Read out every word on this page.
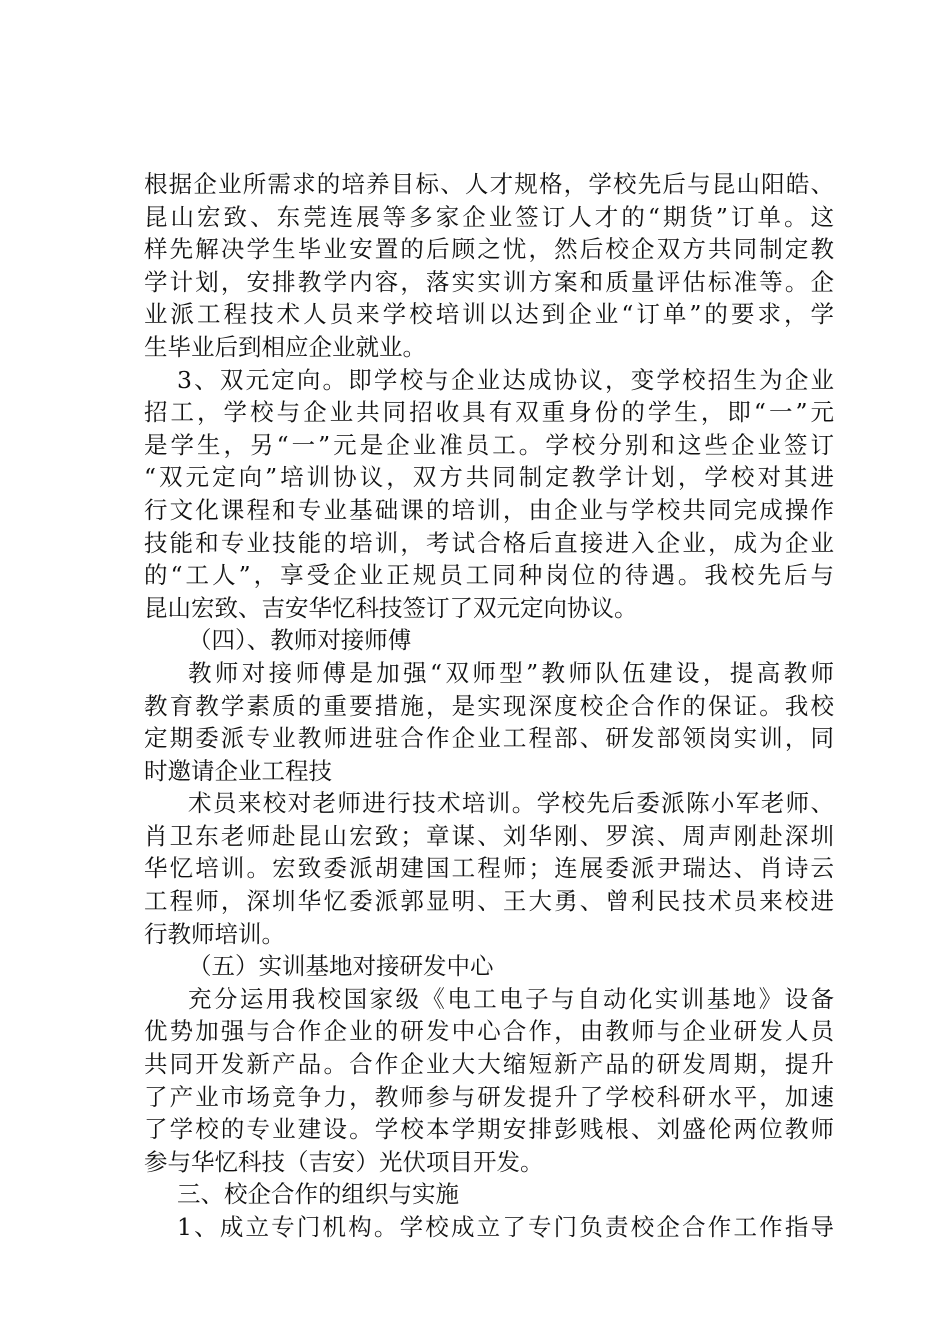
根据企业所需求的培养目标、人才规格，学校先后与昆山阳皓、
昆山宏致、东莞连展等多家企业签订人才的“期货”订单。这
样先解决学生毕业安置的后顾之忧，然后校企双方共同制定教
学计划，安排教学内容，落实实训方案和质量评估标准等。企
业派工程技术人员来学校培训以达到企业“订单”的要求，学
生毕业后到相应企业就业。
3、双元定向。即学校与企业达成协议，变学校招生为企业
招工，学校与企业共同招收具有双重身份的学生，即“一”元
是学生，另“一”元是企业准员工。学校分别和这些企业签订
“双元定向”培训协议，双方共同制定教学计划，学校对其进
行文化课程和专业基础课的培训，由企业与学校共同完成操作
技能和专业技能的培训，考试合格后直接进入企业，成为企业
的“工人”，享受企业正规员工同种岗位的待遇。我校先后与
昆山宏致、吉安华忆科技签订了双元定向协议。
（四）、教师对接师傅
教师对接师傅是加强“双师型”教师队伍建设，提高教师
教育教学素质的重要措施，是实现深度校企合作的保证。我校
定期委派专业教师进驻合作企业工程部、研发部领岗实训，同
时邀请企业工程技
术员来校对老师进行技术培训。学校先后委派陈小军老师、
肖卫东老师赴昆山宏致；章谋、刘华刚、罗滨、周声刚赴深圳
华忆培训。宏致委派胡建国工程师；连展委派尹瑞达、肖诗云
工程师，深圳华忆委派郭显明、王大勇、曾利民技术员来校进
行教师培训。
（五）实训基地对接研发中心
充分运用我校国家级《电工电子与自动化实训基地》设备
优势加强与合作企业的研发中心合作，由教师与企业研发人员
共同开发新产品。合作企业大大缩短新产品的研发周期，提升
了产业市场竞争力，教师参与研发提升了学校科研水平，加速
了学校的专业建设。学校本学期安排彭贱根、刘盛伦两位教师
参与华忆科技（吉安）光伏项目开发。
三、校企合作的组织与实施
1、成立专门机构。学校成立了专门负责校企合作工作指导
